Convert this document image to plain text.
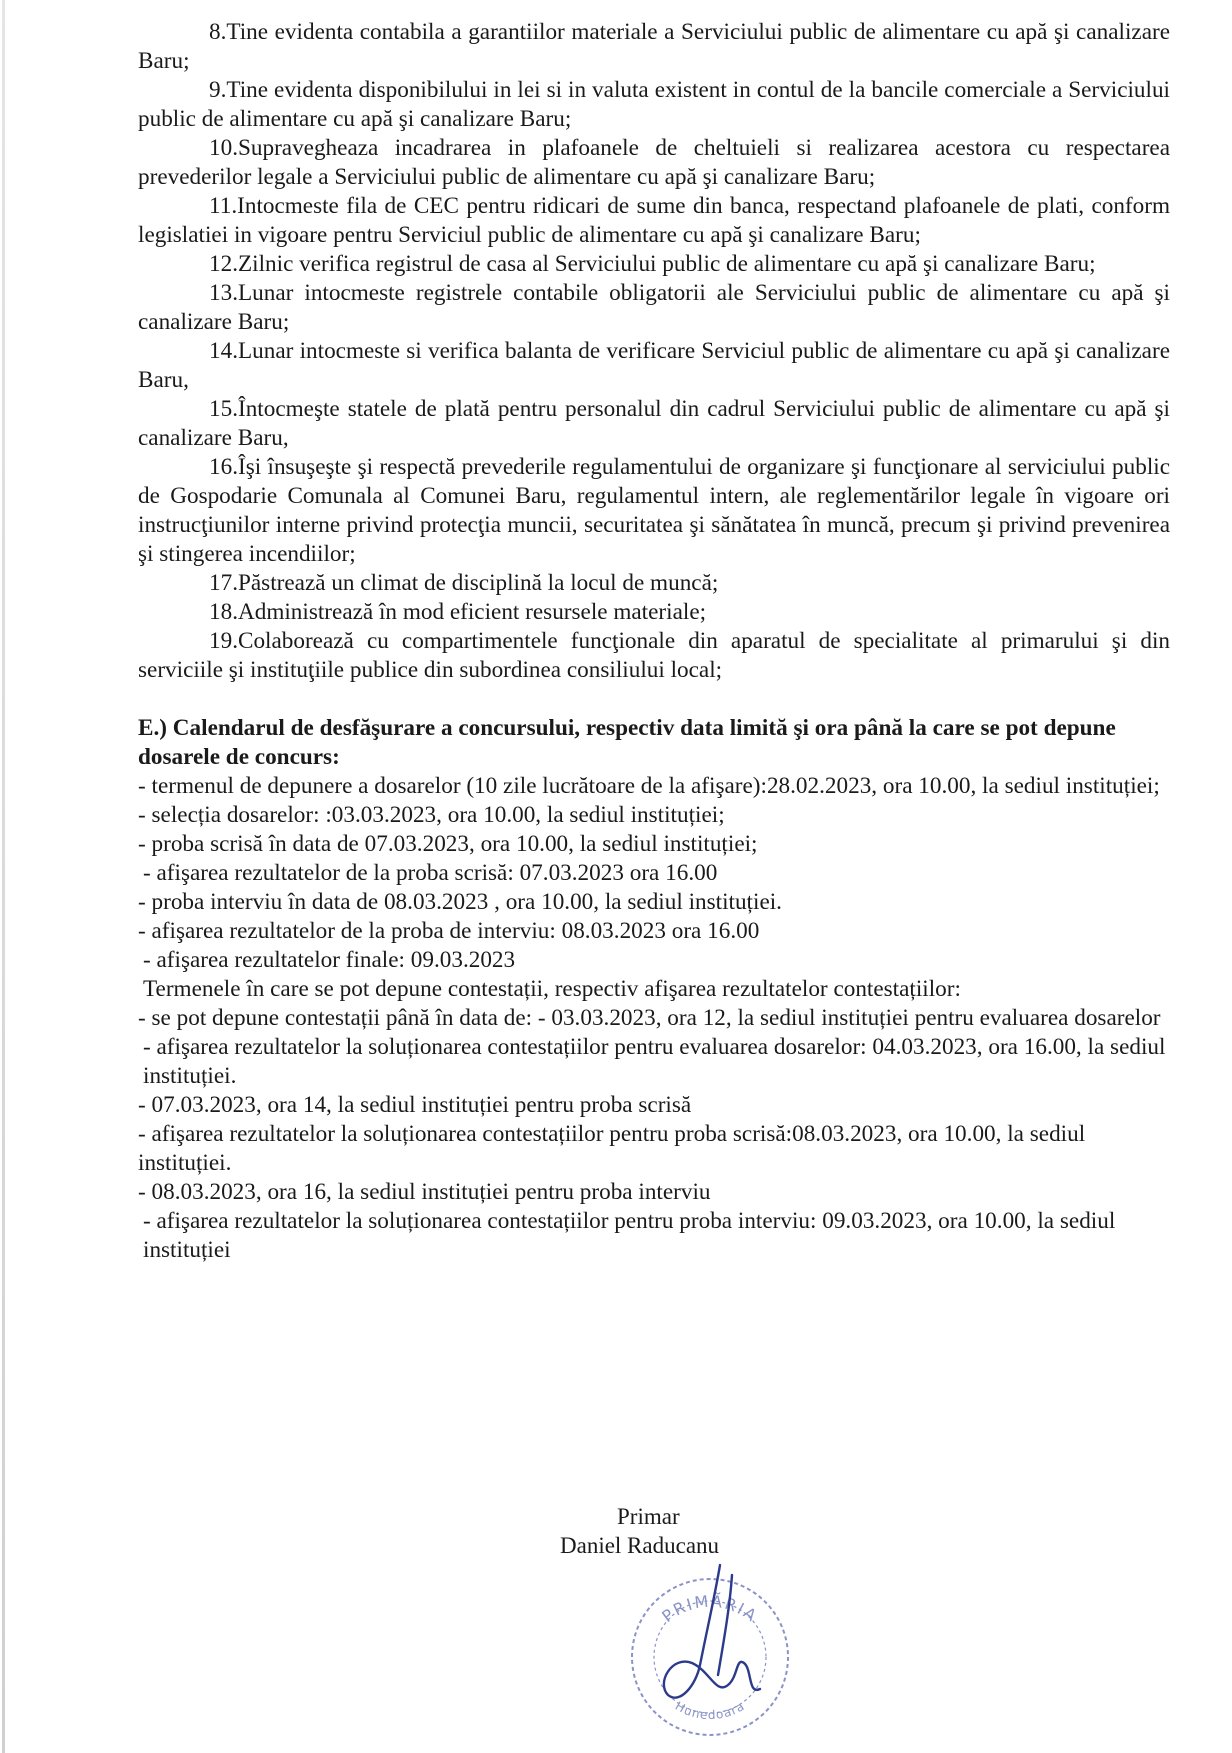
8.Tine evidenta contabila a garantiilor materiale a Serviciului public de alimentare cu apă şi canalizare Baru;

9.Tine evidenta disponibilului in lei si in valuta existent in contul de la bancile comerciale a Serviciului public de alimentare cu apă şi canalizare Baru;

10.Supravegheaza incadrarea in plafoanele de cheltuieli si realizarea acestora cu respectarea prevederilor legale a Serviciului public de alimentare cu apă şi canalizare Baru;

11.Intocmeste fila de CEC pentru ridicari de sume din banca, respectand plafoanele de plati, conform legislatiei in vigoare pentru Serviciul public de alimentare cu apă şi canalizare Baru;

12.Zilnic verifica registrul de casa al Serviciului public de alimentare cu apă şi canalizare Baru;

13.Lunar intocmeste registrele contabile obligatorii ale Serviciului public de alimentare cu apă şi canalizare Baru;

14.Lunar intocmeste si verifica balanta de verificare Serviciul public de alimentare cu apă şi canalizare Baru,

15.Întocmeşte statele de plată pentru personalul din cadrul Serviciului public de alimentare cu apă şi canalizare Baru,

16.Îşi însuşeşte şi respectă prevederile regulamentului de organizare şi funcţionare al serviciului public de Gospodarie Comunala al Comunei Baru, regulamentul intern, ale reglementărilor legale în vigoare ori instrucţiunilor interne privind protecţia muncii, securitatea şi sănătatea în muncă, precum şi privind prevenirea şi stingerea incendiilor;

17.Păstrează un climat de disciplină la locul de muncă;

18.Administrează în mod eficient resursele materiale;

19.Colaborează cu compartimentele funcţionale din aparatul de specialitate al primarului şi din serviciile şi instituţiile publice din subordinea consiliului local;

E.) Calendarul de desfăşurare a concursului, respectiv data limită şi ora până la care se pot depune dosarele de concurs:

- termenul de depunere a dosarelor (10 zile lucrătoare de la afişare):28.02.2023, ora 10.00, la sediul instituției;

- selecția dosarelor: :03.03.2023, ora 10.00, la sediul instituției;

- proba scrisă în data de 07.03.2023, ora 10.00, la sediul instituției;

- afişarea rezultatelor de la proba scrisă: 07.03.2023 ora 16.00

- proba interviu în data de 08.03.2023 , ora 10.00, la sediul instituției.

- afişarea rezultatelor de la proba de interviu: 08.03.2023 ora 16.00

- afişarea rezultatelor finale: 09.03.2023

Termenele în care se pot depune contestații, respectiv afişarea rezultatelor contestațiilor:

- se pot depune contestații până în data de: - 03.03.2023, ora 12, la sediul instituției pentru evaluarea dosarelor

- afişarea rezultatelor la soluționarea contestațiilor pentru evaluarea dosarelor: 04.03.2023, ora 16.00, la sediul instituției.

- 07.03.2023, ora 14, la sediul instituției pentru proba scrisă

- afişarea rezultatelor la soluționarea contestațiilor pentru proba scrisă:08.03.2023, ora 10.00, la sediul instituției.

- 08.03.2023, ora 16, la sediul instituției pentru proba interviu

- afişarea rezultatelor la soluționarea contestațiilor pentru proba interviu: 09.03.2023, ora 10.00, la sediul instituției

Primar
Daniel Raducanu
PRIMĂRIA
Hunedoara
